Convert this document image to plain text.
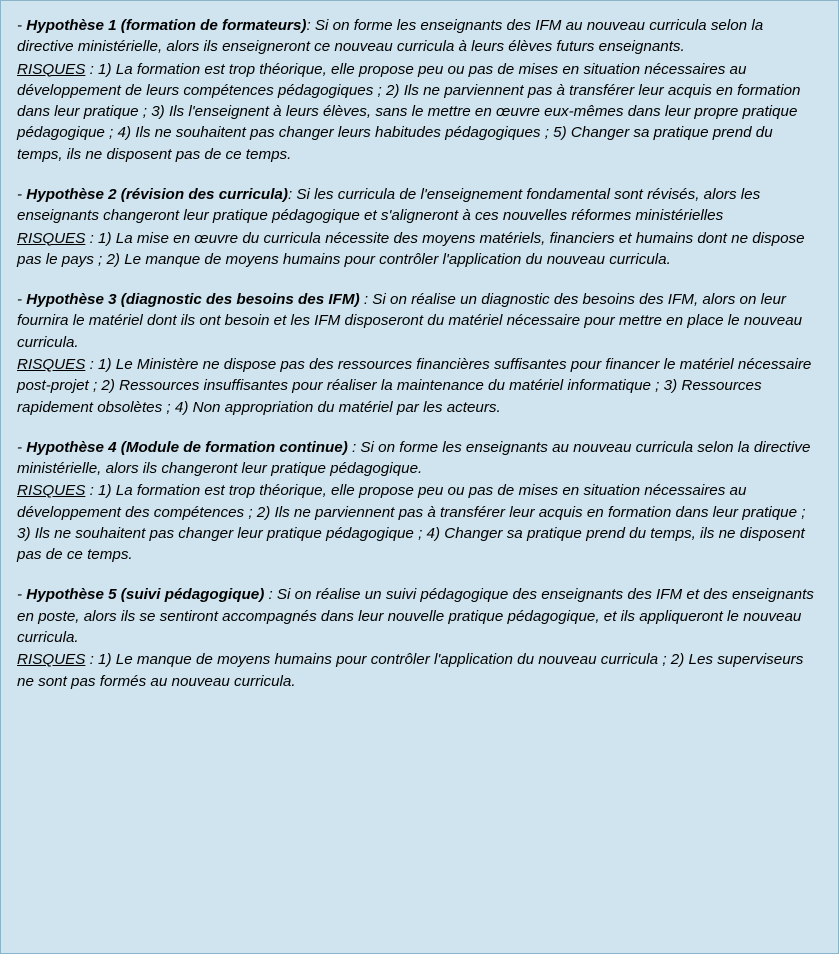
- Hypothèse 1 (formation de formateurs): Si on forme les enseignants des IFM au nouveau curricula selon la directive ministérielle, alors ils enseigneront ce nouveau curricula à leurs élèves futurs enseignants.

RISQUES : 1) La formation est trop théorique, elle propose peu ou pas de mises en situation nécessaires au développement de leurs compétences pédagogiques ; 2) Ils ne parviennent pas à transférer leur acquis en formation dans leur pratique ; 3) Ils l'enseignent à leurs élèves, sans le mettre en œuvre eux-mêmes dans leur propre pratique pédagogique ; 4) Ils ne souhaitent pas changer leurs habitudes pédagogiques ; 5) Changer sa pratique prend du temps, ils ne disposent pas de ce temps.

- Hypothèse 2 (révision des curricula): Si les curricula de l'enseignement fondamental sont révisés, alors les enseignants changeront leur pratique pédagogique et s'aligneront à ces nouvelles réformes ministérielles

RISQUES : 1) La mise en œuvre du curricula nécessite des moyens matériels, financiers et humains dont ne dispose pas le pays ; 2) Le manque de moyens humains pour contrôler l'application du nouveau curricula.

- Hypothèse 3 (diagnostic des besoins des IFM) : Si on réalise un diagnostic des besoins des IFM, alors on leur fournira le matériel dont ils ont besoin et les IFM disposeront du matériel nécessaire pour mettre en place le nouveau curricula.

RISQUES : 1) Le Ministère ne dispose pas des ressources financières suffisantes pour financer le matériel nécessaire post-projet ; 2) Ressources insuffisantes pour réaliser la maintenance du matériel informatique ; 3) Ressources rapidement obsolètes ; 4) Non appropriation du matériel par les acteurs.

- Hypothèse 4 (Module de formation continue) : Si on forme les enseignants au nouveau curricula selon la directive ministérielle, alors ils changeront leur pratique pédagogique.

RISQUES : 1) La formation est trop théorique, elle propose peu ou pas de mises en situation nécessaires au développement des compétences ; 2) Ils ne parviennent pas à transférer leur acquis en formation dans leur pratique ; 3) Ils ne souhaitent pas changer leur pratique pédagogique ; 4) Changer sa pratique prend du temps, ils ne disposent pas de ce temps.

- Hypothèse 5 (suivi pédagogique) : Si on réalise un suivi pédagogique des enseignants des IFM et des enseignants en poste, alors ils se sentiront accompagnés dans leur nouvelle pratique pédagogique, et ils appliqueront le nouveau curricula.

RISQUES : 1) Le manque de moyens humains pour contrôler l'application du nouveau curricula ; 2) Les superviseurs ne sont pas formés au nouveau curricula.
